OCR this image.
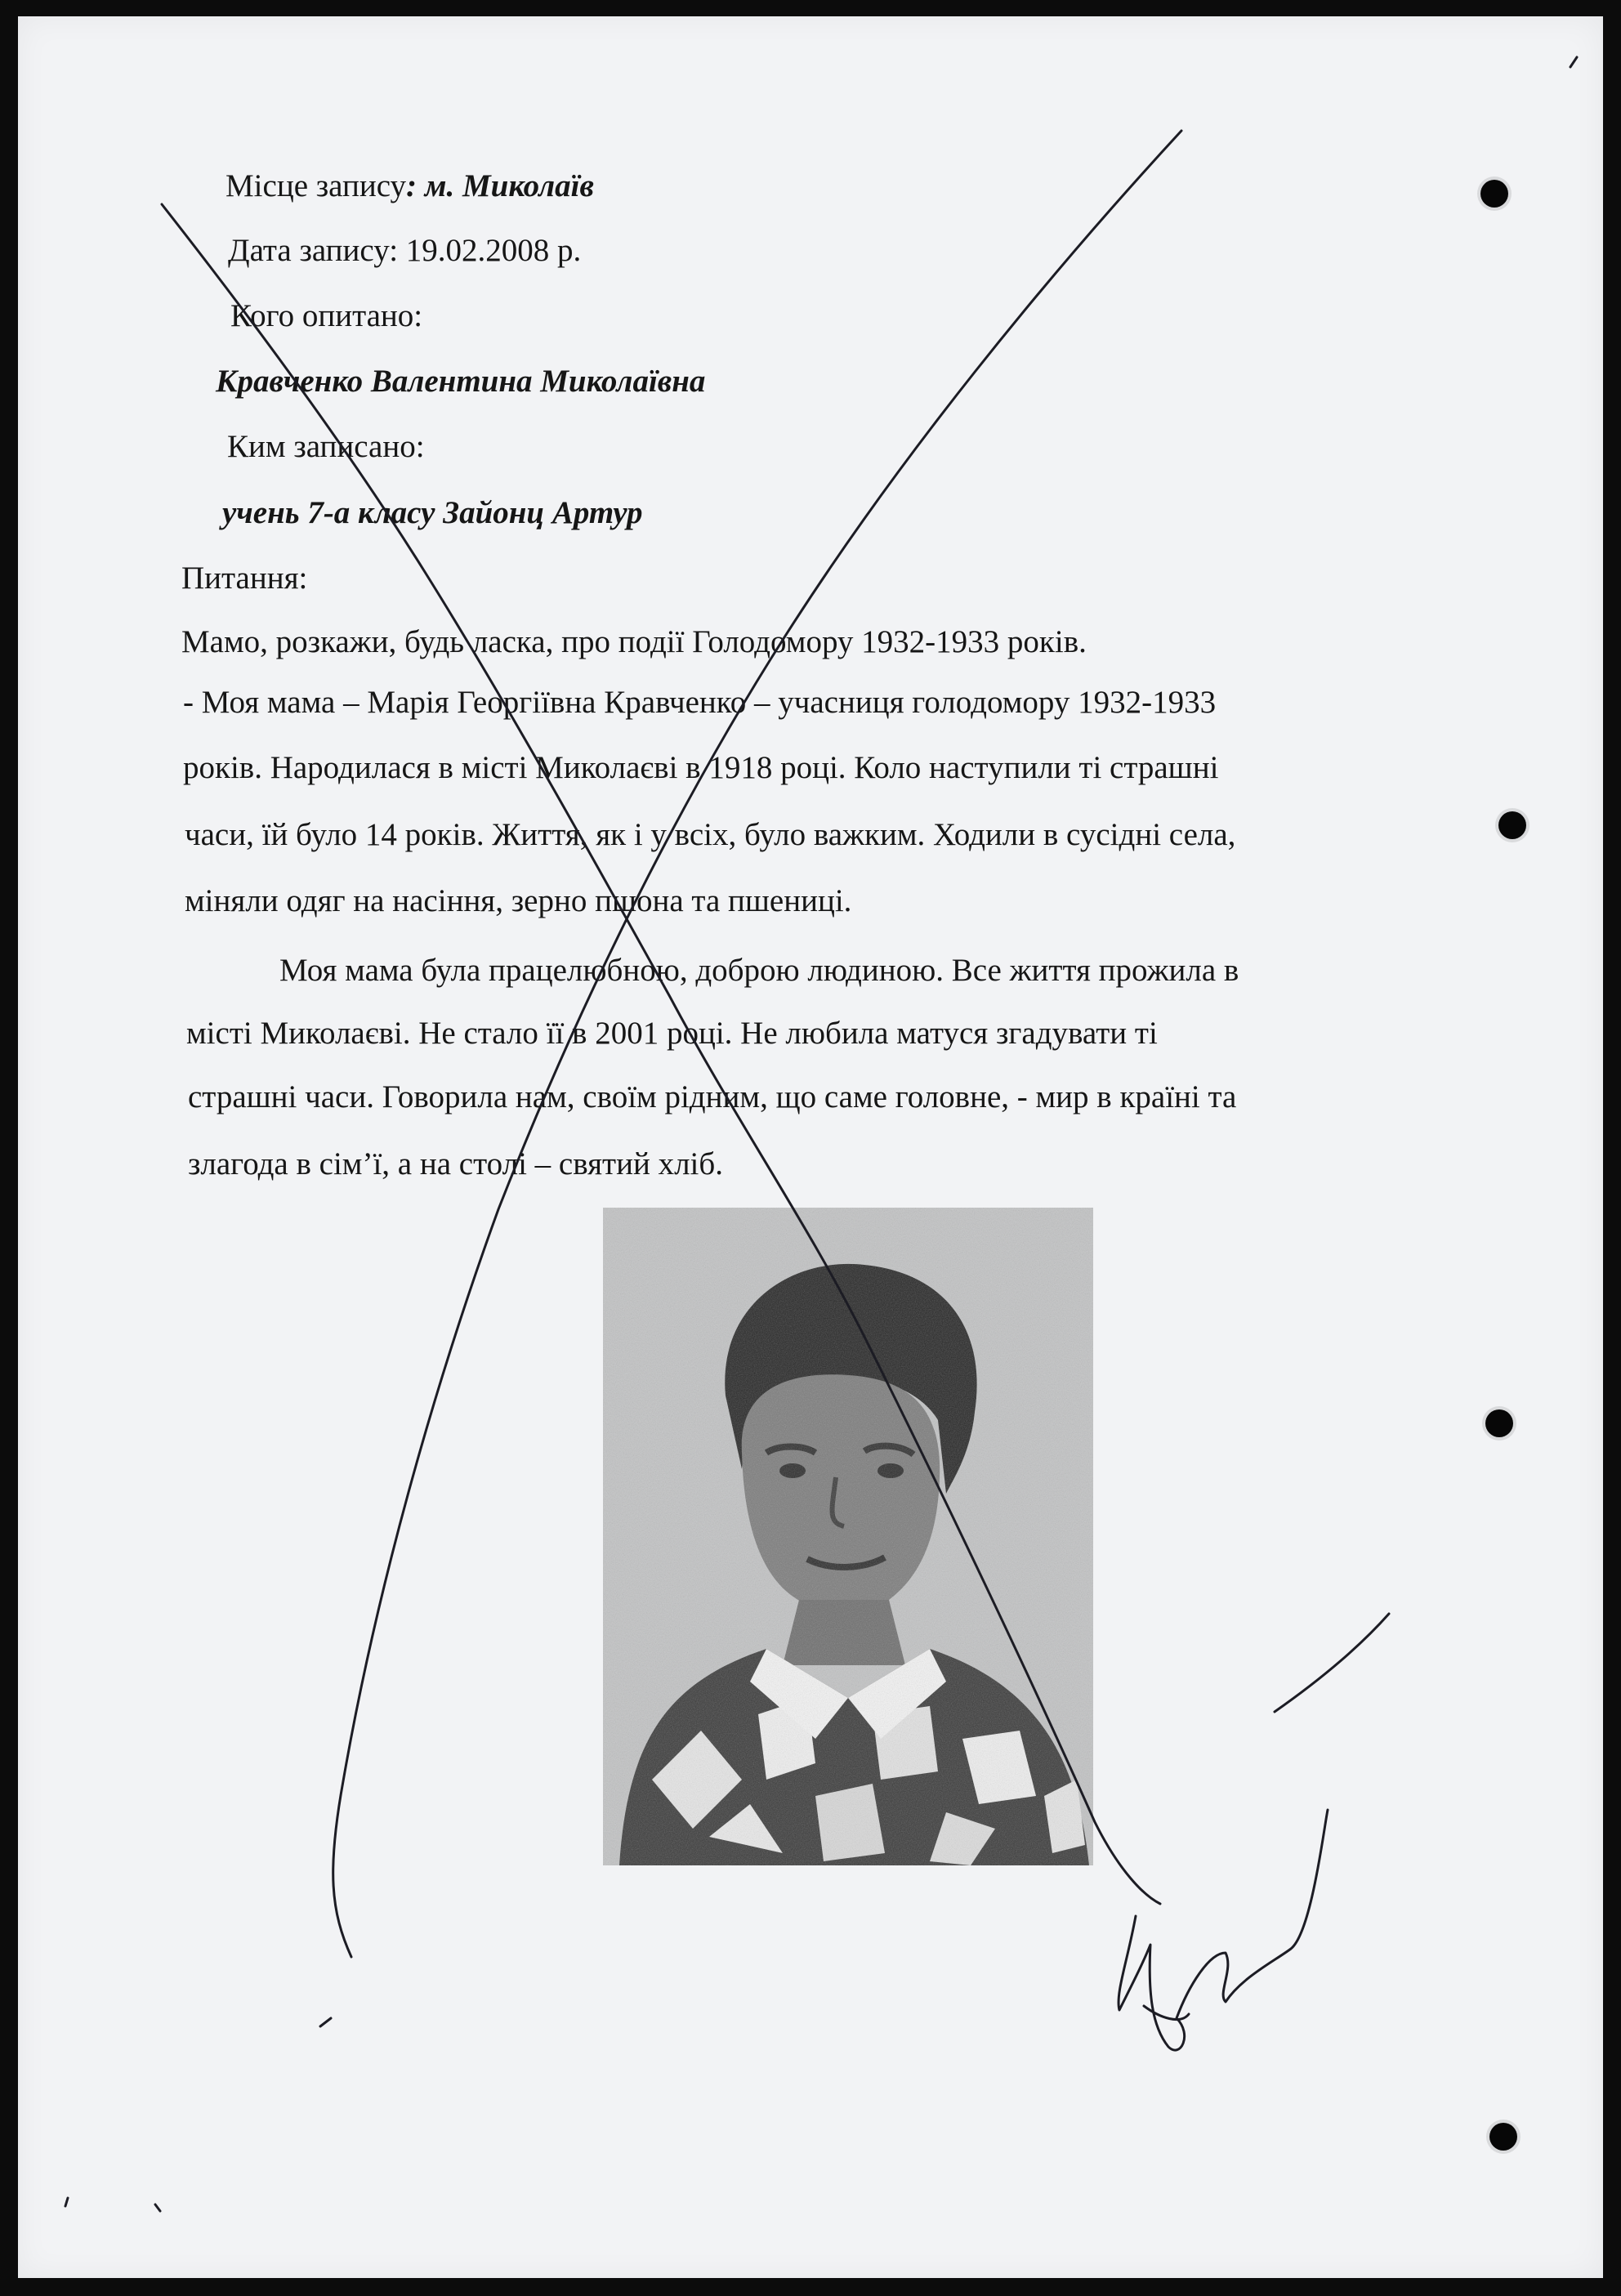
Місце запису: м. Миколаїв
Дата запису: 19.02.2008 р.
Кого опитано:
Кравченко Валентина Миколаївна
Ким записано:
учень 7-а класу Зайонц Артур
Питання:
Мамо, розкажи, будь ласка, про події Голодомору 1932-1933 років.
- Моя мама – Марія Георгіївна Кравченко – учасниця голодомору 1932-1933
років. Народилася в місті Миколаєві в 1918 році. Коло наступили ті страшні
часи, їй було 14 років. Життя, як і у всіх, було важким. Ходили в сусідні села,
міняли одяг на насіння, зерно пшона та пшениці.
Моя мама була працелюбною, доброю людиною. Все життя прожила в
місті Миколаєві. Не стало її в 2001 році. Не любила матуся згадувати ті
страшні часи. Говорила нам, своїм рідним, що саме головне, - мир в країні та
злагода в сім’ї, а на столі – святий хліб.
